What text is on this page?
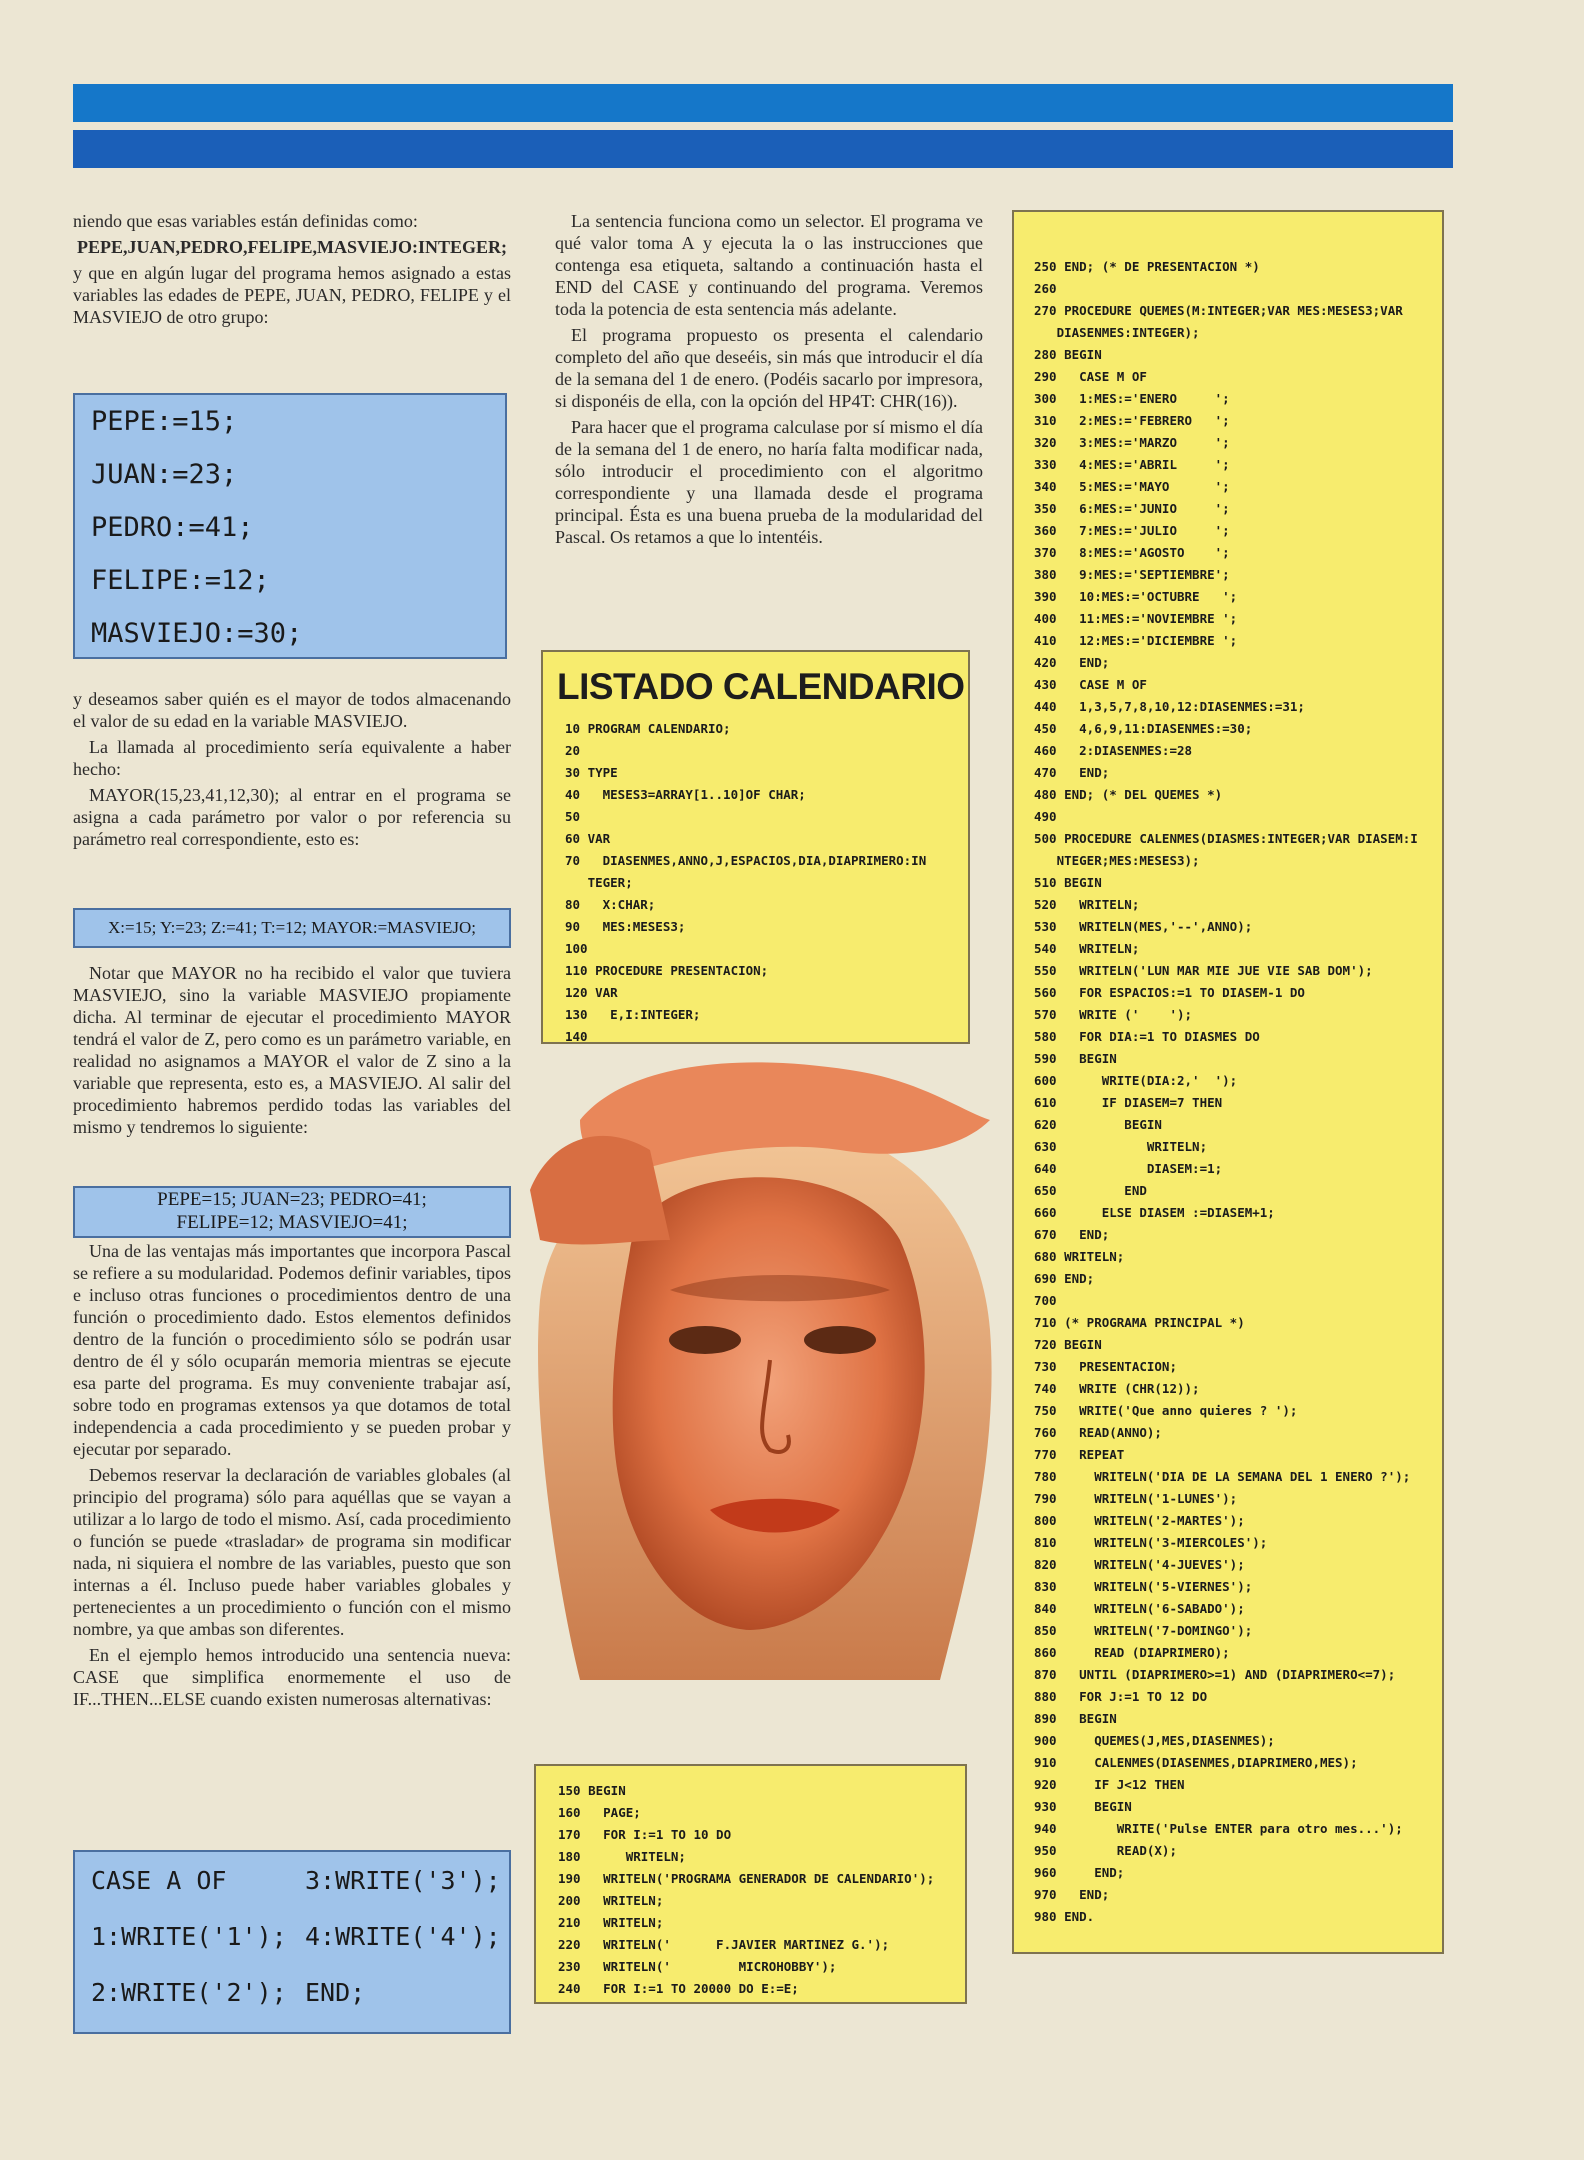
niendo que esas variables están definidas como:

PEPE,JUAN,PEDRO,FELIPE,MASVIEJO:INTEGER;

y que en algún lugar del programa hemos asignado a estas variables las edades de PEPE, JUAN, PEDRO, FELIPE y el MASVIEJO de otro grupo:

PEPE:=15;
JUAN:=23;
PEDRO:=41;
FELIPE:=12;
MASVIEJO:=30;

y deseamos saber quién es el mayor de todos almacenando el valor de su edad en la variable MASVIEJO.

La llamada al procedimiento sería equivalente a haber hecho:

MAYOR(15,23,41,12,30); al entrar en el programa se asigna a cada parámetro por valor o por referencia su parámetro real correspondiente, esto es:

X:=15; Y:=23; Z:=41; T:=12; MAYOR:=MASVIEJO;

Notar que MAYOR no ha recibido el valor que tuviera MASVIEJO, sino la variable MASVIEJO propiamente dicha. Al terminar de ejecutar el procedimiento MAYOR tendrá el valor de Z, pero como es un parámetro variable, en realidad no asignamos a MAYOR el valor de Z sino a la variable que representa, esto es, a MASVIEJO. Al salir del procedimiento habremos perdido todas las variables del mismo y tendremos lo siguiente:

PEPE=15; JUAN=23; PEDRO=41;
FELIPE=12; MASVIEJO=41;

Una de las ventajas más importantes que incorpora Pascal se refiere a su modularidad. Podemos definir variables, tipos e incluso otras funciones o procedimientos dentro de una función o procedimiento dado. Estos elementos definidos dentro de la función o procedimiento sólo se podrán usar dentro de él y sólo ocuparán memoria mientras se ejecute esa parte del programa. Es muy conveniente trabajar así, sobre todo en programas extensos ya que dotamos de total independencia a cada procedimiento y se pueden probar y ejecutar por separado.

Debemos reservar la declaración de variables globales (al principio del programa) sólo para aquéllas que se vayan a utilizar a lo largo de todo el mismo. Así, cada procedimiento o función se puede «trasladar» de programa sin modificar nada, ni siquiera el nombre de las variables, puesto que son internas a él. Incluso puede haber variables globales y pertenecientes a un procedimiento o función con el mismo nombre, ya que ambas son diferentes.

En el ejemplo hemos introducido una sentencia nueva: CASE que simplifica enormemente el uso de IF...THEN...ELSE cuando existen numerosas alternativas:

CASE A OF
1:WRITE('1');
2:WRITE('2');
3:WRITE('3');
4:WRITE('4');
END;

La sentencia funciona como un selector. El programa ve qué valor toma A y ejecuta la o las instrucciones que contenga esa etiqueta, saltando a continuación hasta el END del CASE y continuando del programa. Veremos toda la potencia de esta sentencia más adelante.

El programa propuesto os presenta el calendario completo del año que deseéis, sin más que introducir el día de la semana del 1 de enero. (Podéis sacarlo por impresora, si disponéis de ella, con la opción del HP4T: CHR(16)).

Para hacer que el programa calculase por sí mismo el día de la semana del 1 de enero, no haría falta modificar nada, sólo introducir el procedimiento con el algoritmo correspondiente y una llamada desde el programa principal. Ésta es una buena prueba de la modularidad del Pascal. Os retamos a que lo intentéis.

LISTADO CALENDARIO
10 PROGRAM CALENDARIO;
20
30 TYPE
40   MESES3=ARRAY[1..10]OF CHAR;
50
60 VAR
70   DIASENMES,ANNO,J,ESPACIOS,DIA,DIAPRIMERO:IN
TEGER;
80   X:CHAR;
90   MES:MESES3;
100
110 PROCEDURE PRESENTACION;
120 VAR
130   E,I:INTEGER;
140
150 BEGIN
160   PAGE;
170   FOR I:=1 TO 10 DO
180      WRITELN;
190   WRITELN('PROGRAMA GENERADOR DE CALENDARIO');
200   WRITELN;
210   WRITELN;
220   WRITELN('      F.JAVIER MARTINEZ G.');
230   WRITELN('         MICROHOBBY');
240   FOR I:=1 TO 20000 DO E:=E;
250 END; (* DE PRESENTACION *)
260
270 PROCEDURE QUEMES(M:INTEGER;VAR MES:MESES3;VAR
DIASENMES:INTEGER);
280 BEGIN
290   CASE M OF
300   1:MES:='ENERO     ';
310   2:MES:='FEBRERO   ';
320   3:MES:='MARZO     ';
330   4:MES:='ABRIL     ';
340   5:MES:='MAYO      ';
350   6:MES:='JUNIO     ';
360   7:MES:='JULIO     ';
370   8:MES:='AGOSTO    ';
380   9:MES:='SEPTIEMBRE';
390   10:MES:='OCTUBRE   ';
400   11:MES:='NOVIEMBRE ';
410   12:MES:='DICIEMBRE ';
420   END;
430   CASE M OF
440   1,3,5,7,8,10,12:DIASENMES:=31;
450   4,6,9,11:DIASENMES:=30;
460   2:DIASENMES:=28
470   END;
480 END; (* DEL QUEMES *)
490
500 PROCEDURE CALENMES(DIASMES:INTEGER;VAR DIASEM:I
NTEGER;MES:MESES3);
510 BEGIN
520   WRITELN;
530   WRITELN(MES,'--',ANNO);
540   WRITELN;
550   WRITELN('LUN MAR MIE JUE VIE SAB DOM');
560   FOR ESPACIOS:=1 TO DIASEM-1 DO
570   WRITE ('    ');
580   FOR DIA:=1 TO DIASMES DO
590   BEGIN
600      WRITE(DIA:2,'  ');
610      IF DIASEM=7 THEN
620         BEGIN
630            WRITELN;
640            DIASEM:=1;
650         END
660      ELSE DIASEM :=DIASEM+1;
670   END;
680 WRITELN;
690 END;
700
710 (* PROGRAMA PRINCIPAL *)
720 BEGIN
730   PRESENTACION;
740   WRITE (CHR(12));
750   WRITE('Que anno quieres ? ');
760   READ(ANNO);
770   REPEAT
780     WRITELN('DIA DE LA SEMANA DEL 1 ENERO ?');
790     WRITELN('1-LUNES');
800     WRITELN('2-MARTES');
810     WRITELN('3-MIERCOLES');
820     WRITELN('4-JUEVES');
830     WRITELN('5-VIERNES');
840     WRITELN('6-SABADO');
850     WRITELN('7-DOMINGO');
860     READ (DIAPRIMERO);
870   UNTIL (DIAPRIMERO>=1) AND (DIAPRIMERO<=7);
880   FOR J:=1 TO 12 DO
890   BEGIN
900     QUEMES(J,MES,DIASENMES);
910     CALENMES(DIASENMES,DIAPRIMERO,MES);
920     IF J<12 THEN
930     BEGIN
940        WRITE('Pulse ENTER para otro mes...');
950        READ(X);
960     END;
970   END;
980 END.
